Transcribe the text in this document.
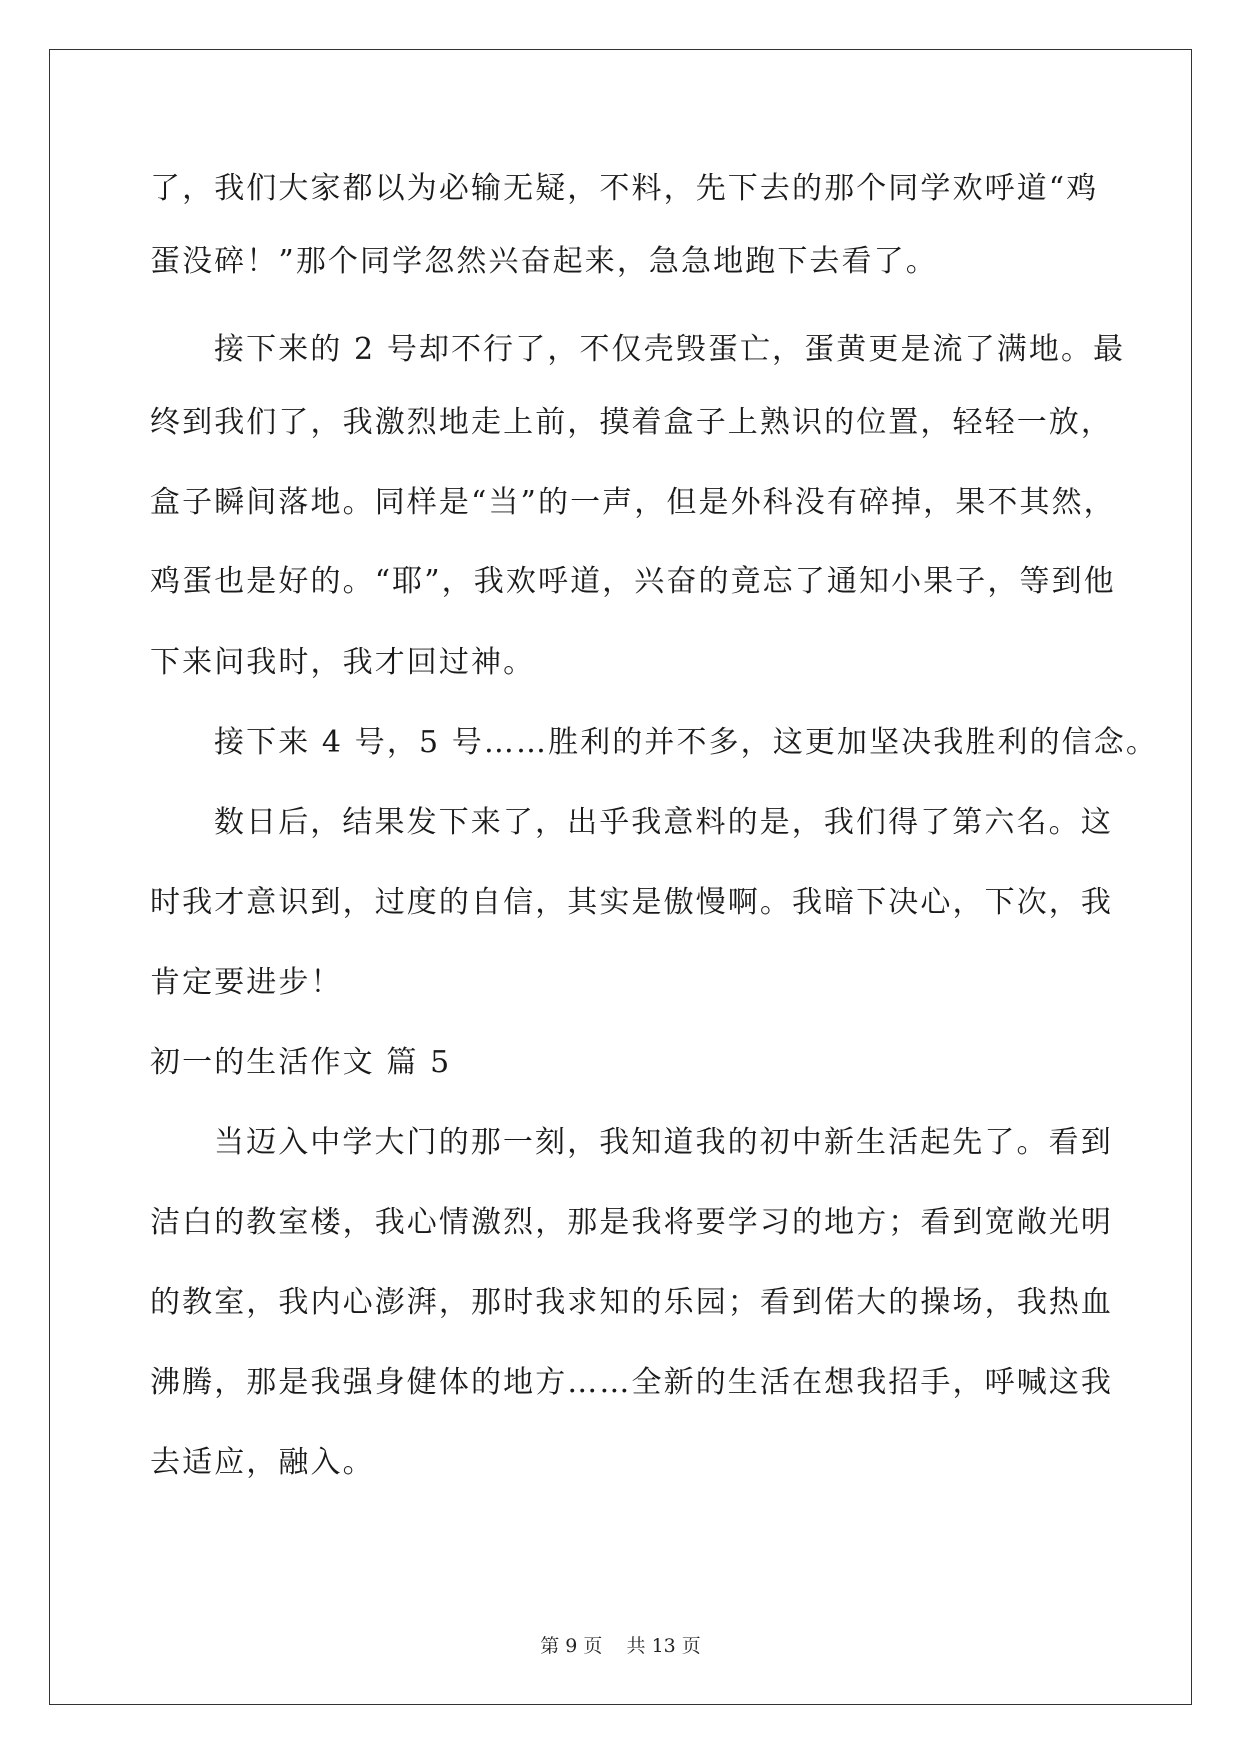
了，我们大家都以为必输无疑，不料，先下去的那个同学欢呼道“鸡
蛋没碎！”那个同学忽然兴奋起来，急急地跑下去看了。
接下来的 2 号却不行了，不仅壳毁蛋亡，蛋黄更是流了满地。最
终到我们了，我激烈地走上前，摸着盒子上熟识的位置，轻轻一放，
盒子瞬间落地。同样是“当”的一声，但是外科没有碎掉，果不其然，
鸡蛋也是好的。“耶”，我欢呼道，兴奋的竟忘了通知小果子，等到他
下来问我时，我才回过神。
接下来 4 号，5 号……胜利的并不多，这更加坚决我胜利的信念。
数日后，结果发下来了，出乎我意料的是，我们得了第六名。这
时我才意识到，过度的自信，其实是傲慢啊。我暗下决心，下次，我
肯定要进步！
初一的生活作文 篇 5
当迈入中学大门的那一刻，我知道我的初中新生活起先了。看到
洁白的教室楼，我心情激烈，那是我将要学习的地方；看到宽敞光明
的教室，我内心澎湃，那时我求知的乐园；看到偌大的操场，我热血
沸腾，那是我强身健体的地方……全新的生活在想我招手，呼喊这我
去适应，融入。
第 9 页 共 13 页
